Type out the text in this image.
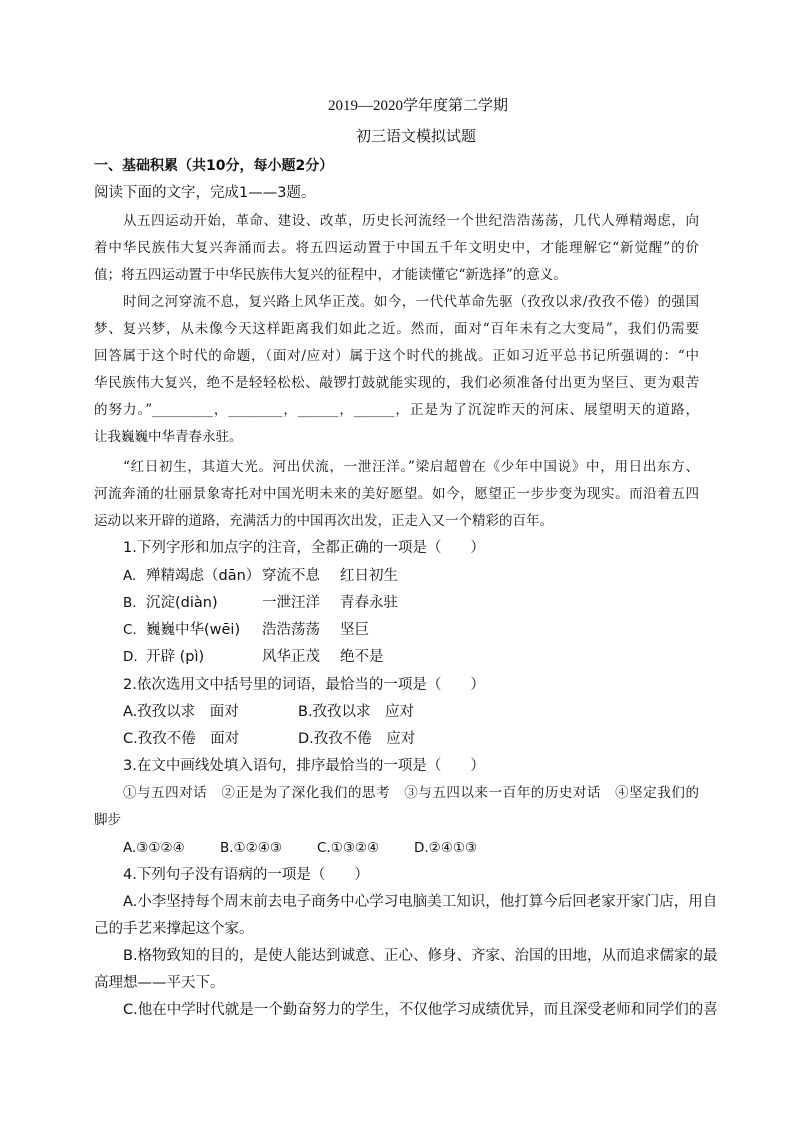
2019—2020学年度第二学期
初三语文模拟试题
一、基础积累（共10分，每小题2分）
阅读下面的文字，完成1——3题。
从五四运动开始，革命、建设、改革，历史长河流经一个世纪浩浩荡荡，几代人殚精竭虑，向
着中华民族伟大复兴奔涌而去。将五四运动置于中国五千年文明史中，才能理解它“新觉醒”的价
值；将五四运动置于中华民族伟大复兴的征程中，才能读懂它“新选择”的意义。
时间之河穿流不息，复兴路上风华正茂。如今，一代代革命先驱（孜孜以求/孜孜不倦）的强国
梦、复兴梦，从未像今天这样距离我们如此之近。然而，面对“百年未有之大变局”，我们仍需要
回答属于这个时代的命题，（面对/应对）属于这个时代的挑战。正如习近平总书记所强调的：“中
华民族伟大复兴，绝不是轻轻松松、敲锣打鼓就能实现的，我们必须准备付出更为坚巨、更为艰苦
的努力。”_________，________，______，______，正是为了沉淀昨天的河床、展望明天的道路，
让我巍巍中华青春永驻。
“红日初生，其道大光。河出伏流，一泄汪洋。”梁启超曾在《少年中国说》中，用日出东方、
河流奔涌的壮丽景象寄托对中国光明未来的美好愿望。如今，愿望正一步步变为现实。而沿着五四
运动以来开辟的道路，充满活力的中国再次出发，正走入又一个精彩的百年。
1.下列字形和加点字的注音，全都正确的一项是（　　）
A. 殚精竭虑（dān） 穿流不息 红日初生
B. 沉淀(diàn)	一泄汪洋 青春永驻
C. 巍巍中华(wēi) 浩浩荡荡 坚巨
D. 开辟 (pì)	风华正茂 绝不是
2.依次选用文中括号里的词语，最恰当的一项是（　　）
A.孜孜以求　面对	B.孜孜以求　应对
C.孜孜不倦　面对	D.孜孜不倦　应对
3.在文中画线处填入语句，排序最恰当的一项是（　　）
①与五四对话　②正是为了深化我们的思考　③与五四以来一百年的历史对话　④坚定我们的
脚步
A.③①②④	B.①②④③	C.①③②④	D.②④①③
4.下列句子没有语病的一项是（　　）
A.小李坚持每个周末前去电子商务中心学习电脑美工知识，他打算今后回老家开家门店，用自
己的手艺来撑起这个家。
B.格物致知的目的，是使人能达到诚意、正心、修身、齐家、治国的田地，从而追求儒家的最
高理想——平天下。
C.他在中学时代就是一个勤奋努力的学生，不仅他学习成绩优异，而且深受老师和同学们的喜
